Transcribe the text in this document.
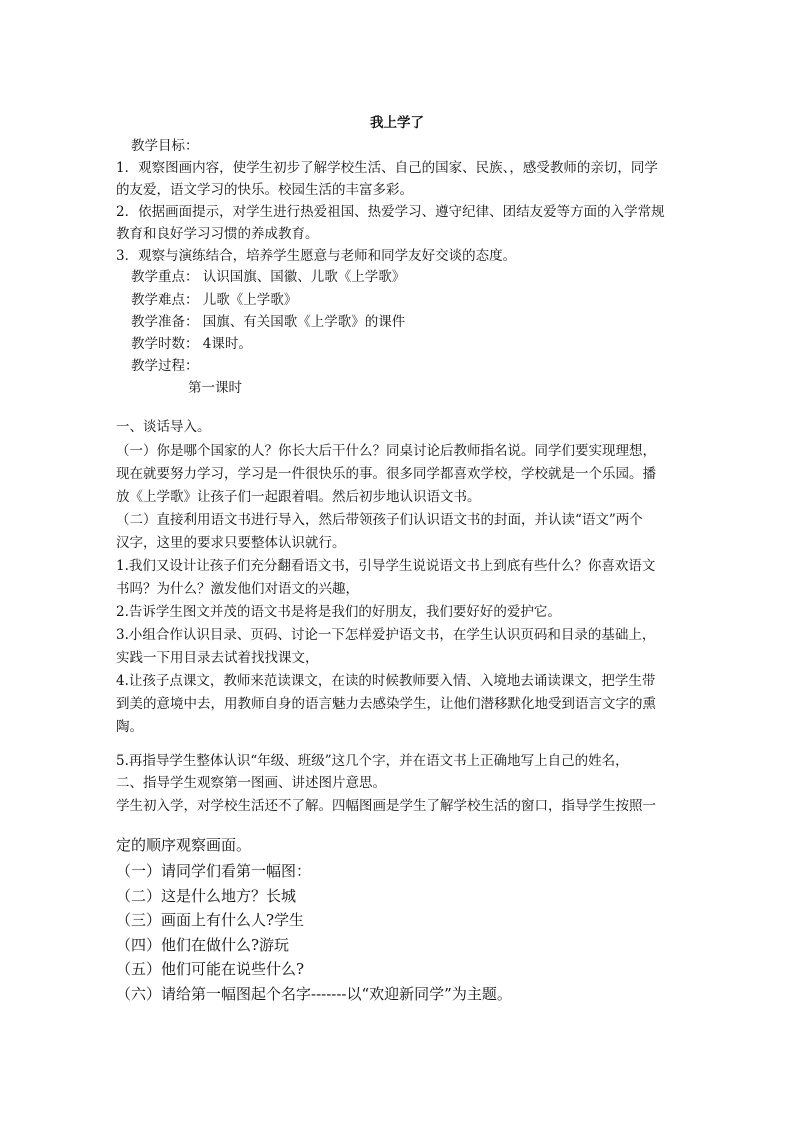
我上学了
教学目标：
1．观察图画内容，使学生初步了解学校生活、自己的国家、民族、，感受教师的亲切，同学
的友爱，语文学习的快乐。校园生活的丰富多彩。
2．依据画面提示，对学生进行热爱祖国、热爱学习、遵守纪律、团结友爱等方面的入学常规
教育和良好学习习惯的养成教育。
3．观察与演练结合，培养学生愿意与老师和同学友好交谈的态度。
教学重点： 认识国旗、国徽、儿歌《上学歌》
教学难点： 儿歌《上学歌》
教学准备： 国旗、有关国歌《上学歌》的课件
教学时数： 4课时。
教学过程：
第一课时
一、谈话导入。
（一）你是哪个国家的人？你长大后干什么？同桌讨论后教师指名说。同学们要实现理想，
现在就要努力学习，学习是一件很快乐的事。很多同学都喜欢学校，学校就是一个乐园。播
放《上学歌》让孩子们一起跟着唱。然后初步地认识语文书。
（二）直接利用语文书进行导入，然后带领孩子们认识语文书的封面，并认读“语文”两个
汉字，这里的要求只要整体认识就行。
1.我们又设计让孩子们充分翻看语文书，引导学生说说语文书上到底有些什么？你喜欢语文
书吗？为什么？激发他们对语文的兴趣，
2.告诉学生图文并茂的语文书是将是我们的好朋友，我们要好好的爱护它。
3.小组合作认识目录、页码、讨论一下怎样爱护语文书，在学生认识页码和目录的基础上，
实践一下用目录去试着找找课文，
4.让孩子点课文，教师来范读课文，在读的时候教师要入情、入境地去诵读课文，把学生带
到美的意境中去，用教师自身的语言魅力去感染学生，让他们潜移默化地受到语言文字的熏
陶。
5.再指导学生整体认识“年级、班级”这几个字，并在语文书上正确地写上自己的姓名，
二、指导学生观察第一图画、讲述图片意思。
学生初入学，对学校生活还不了解。四幅图画是学生了解学校生活的窗口，指导学生按照一
定的顺序观察画面。
（一）请同学们看第一幅图：
（二）这是什么地方？长城
（三）画面上有什么人?学生
（四）他们在做什么?游玩
（五）他们可能在说些什么?
（六）请给第一幅图起个名字-------以“欢迎新同学”为主题。
